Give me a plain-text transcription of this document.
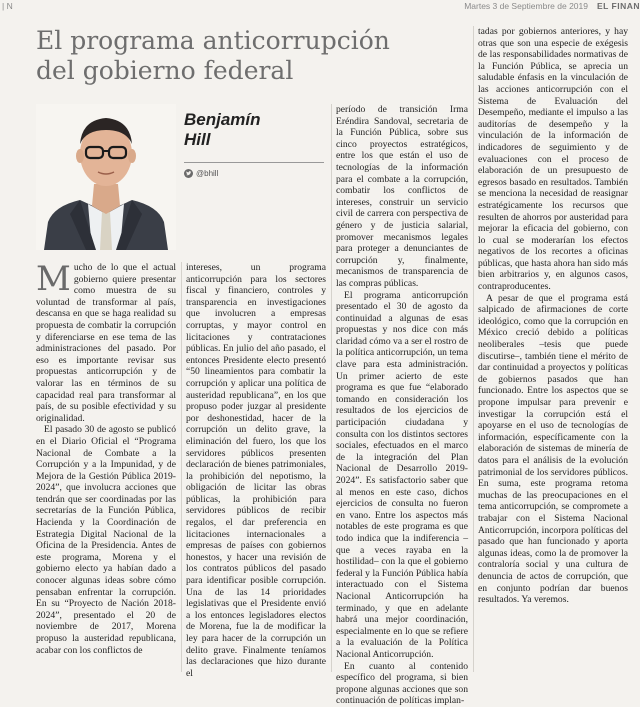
| N	Martes 3 de Septiembre de 2019 EL FINAN
El programa anticorrupción
del gobierno federal
Benjamín
Hill
@bhill

Mucho de lo que el actual gobierno quiere presentar como muestra de su voluntad de transformar al país, descansa en que se haga realidad su propuesta de combatir la corrupción y diferenciarse en ese tema de las administraciones del pasado. Por eso es importante revisar sus propuestas anticorrupción y de valorar las en términos de su capacidad real para transformar al país, de su posible efectividad y su originalidad.

El pasado 30 de agosto se publicó en el Diario Oficial el “Programa Nacional de Combate a la Corrupción y a la Impunidad, y de Mejora de la Gestión Pública 2019-2024”, que involucra acciones que tendrán que ser coordinadas por las secretarías de la Función Pública, Hacienda y la Coordinación de Estrategia Digital Nacional de la Oficina de la Presidencia. Antes de este programa, Morena y el gobierno electo ya habían dado a conocer algunas ideas sobre cómo pensaban enfrentar la corrupción. En su “Proyecto de Nación 2018-2024”, presentado el 20 de noviembre de 2017, Morena propuso la austeridad republicana, acabar con los conflictos de

intereses, un programa anticorrupción para los sectores fiscal y financiero, controles y transparencia en investigaciones que involucren a empresas corruptas, y mayor control en licitaciones y contrataciones públicas. En julio del año pasado, el entonces Presidente electo presentó “50 lineamientos para combatir la corrupción y aplicar una política de austeridad republicana”, en los que propuso poder juzgar al presidente por deshonestidad, hacer de la corrupción un delito grave, la eliminación del fuero, los que los servidores públicos presenten declaración de bienes patrimoniales, la prohibición del nepotismo, la obligación de licitar las obras públicas, la prohibición para servidores públicos de recibir regalos, el dar preferencia en licitaciones internacionales a empresas de países con gobiernos honestos, y hacer una revisión de los contratos públicos del pasado para identificar posible corrupción. Una de las 14 prioridades legislativas que el Presidente envió a los entonces legisladores electos de Morena, fue la de modificar la ley para hacer de la corrupción un delito grave. Finalmente teníamos las declaraciones que hizo durante el

período de transición Irma Eréndira Sandoval, secretaria de la Función Pública, sobre sus cinco proyectos estratégicos, entre los que están el uso de tecnologías de la información para el combate a la corrupción, combatir los conflictos de intereses, construir un servicio civil de carrera con perspectiva de género y de justicia salarial, promover mecanismos legales para proteger a denunciantes de corrupción y, finalmente, mecanismos de transparencia de las compras públicas.

El programa anticorrupción presentado el 30 de agosto da continuidad a algunas de esas propuestas y nos dice con más claridad cómo va a ser el rostro de la política anticorrupción, un tema clave para esta administración. Un primer acierto de este programa es que fue “elaborado tomando en consideración los resultados de los ejercicios de participación ciudadana y consulta con los distintos sectores sociales, efectuados en el marco de la integración del Plan Nacional de Desarrollo 2019-2024”. Es satisfactorio saber que al menos en este caso, dichos ejercicios de consulta no fueron en vano. Entre los aspectos más notables de este programa es que todo indica que la indiferencia –que a veces rayaba en la hostilidad– con la que el gobierno federal y la Función Pública había interactuado con el Sistema Nacional Anticorrupción ha terminado, y que en adelante habrá una mejor coordinación, especialmente en lo que se refiere a la evaluación de la Política Nacional Anticorrupción.

En cuanto al contenido específico del programa, si bien propone algunas acciones que son continuación de políticas implan-

tadas por gobiernos anteriores, y hay otras que son una especie de exégesis de las responsabilidades normativas de la Función Pública, se aprecia un saludable énfasis en la vinculación de las acciones anticorrupción con el Sistema de Evaluación del Desempeño, mediante el impulso a las auditorías de desempeño y la vinculación de la información de indicadores de seguimiento y de evaluaciones con el proceso de elaboración de un presupuesto de egresos basado en resultados. También se menciona la necesidad de reasignar estratégicamente los recursos que resulten de ahorros por austeridad para mejorar la eficacia del gobierno, con lo cual se moderarían los efectos negativos de los recortes a oficinas públicas, que hasta ahora han sido más bien arbitrarios y, en algunos casos, contraproducentes.

A pesar de que el programa está salpicado de afirmaciones de corte ideológico, como que la corrupción en México creció debido a políticas neoliberales –tesis que puede discutirse–, también tiene el mérito de dar continuidad a proyectos y políticas de gobiernos pasados que han funcionado. Entre los aspectos que se propone impulsar para prevenir e investigar la corrupción está el apoyarse en el uso de tecnologías de información, específicamente con la elaboración de sistemas de minería de datos para el análisis de la evolución patrimonial de los servidores públicos. En suma, este programa retoma muchas de las preocupaciones en el tema anticorrupción, se compromete a trabajar con el Sistema Nacional Anticorrupción, incorpora políticas del pasado que han funcionado y aporta algunas ideas, como la de promover la contraloría social y una cultura de denuncia de actos de corrupción, que en conjunto podrían dar buenos resultados. Ya veremos.
